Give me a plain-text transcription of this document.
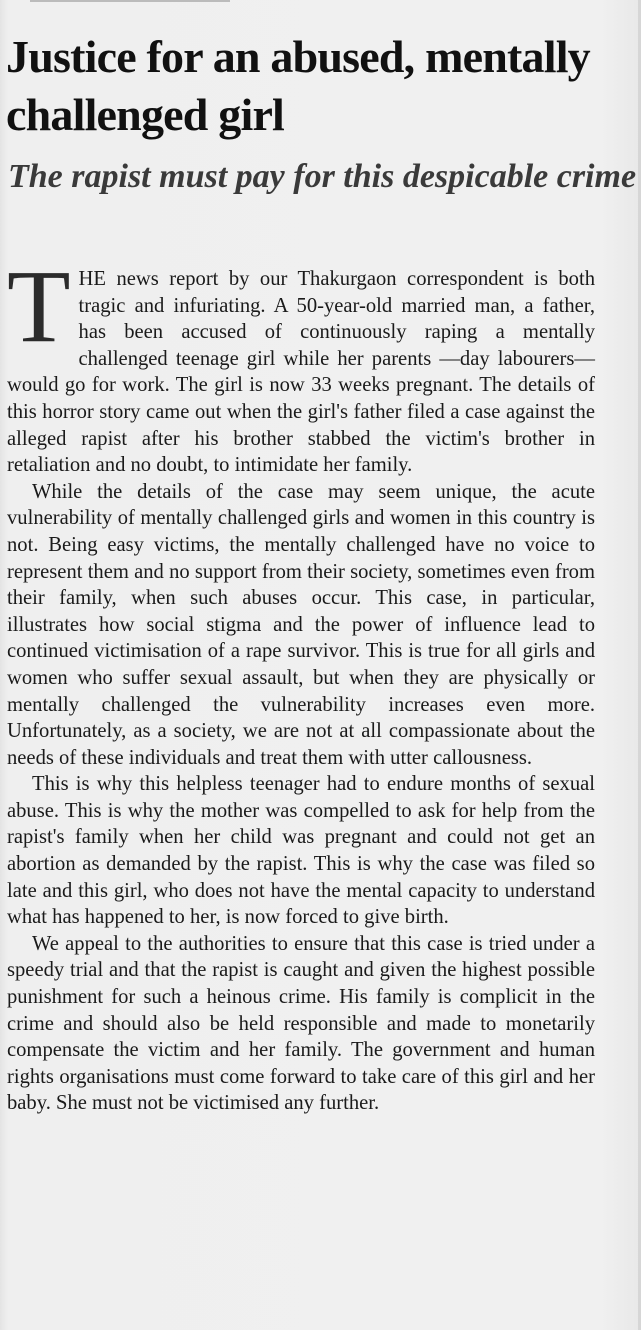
Justice for an abused, mentally challenged girl
The rapist must pay for this despicable crime

THE news report by our Thakurgaon correspondent is both tragic and infuriating. A 50-year-old married man, a father, has been accused of continuously raping a mentally challenged teenage girl while her parents —day labourers—would go for work. The girl is now 33 weeks pregnant. The details of this horror story came out when the girl's father filed a case against the alleged rapist after his brother stabbed the victim's brother in retaliation and no doubt, to intimidate her family.

While the details of the case may seem unique, the acute vulnerability of mentally challenged girls and women in this country is not. Being easy victims, the mentally challenged have no voice to represent them and no support from their society, sometimes even from their family, when such abuses occur. This case, in particular, illustrates how social stigma and the power of influence lead to continued victimisation of a rape survivor. This is true for all girls and women who suffer sexual assault, but when they are physically or mentally challenged the vulnerability increases even more. Unfortunately, as a society, we are not at all compassionate about the needs of these individuals and treat them with utter callousness.

This is why this helpless teenager had to endure months of sexual abuse. This is why the mother was compelled to ask for help from the rapist's family when her child was pregnant and could not get an abortion as demanded by the rapist. This is why the case was filed so late and this girl, who does not have the mental capacity to understand what has happened to her, is now forced to give birth.

We appeal to the authorities to ensure that this case is tried under a speedy trial and that the rapist is caught and given the highest possible punishment for such a heinous crime. His family is complicit in the crime and should also be held responsible and made to monetarily compensate the victim and her family. The government and human rights organisations must come forward to take care of this girl and her baby. She must not be victimised any further.
